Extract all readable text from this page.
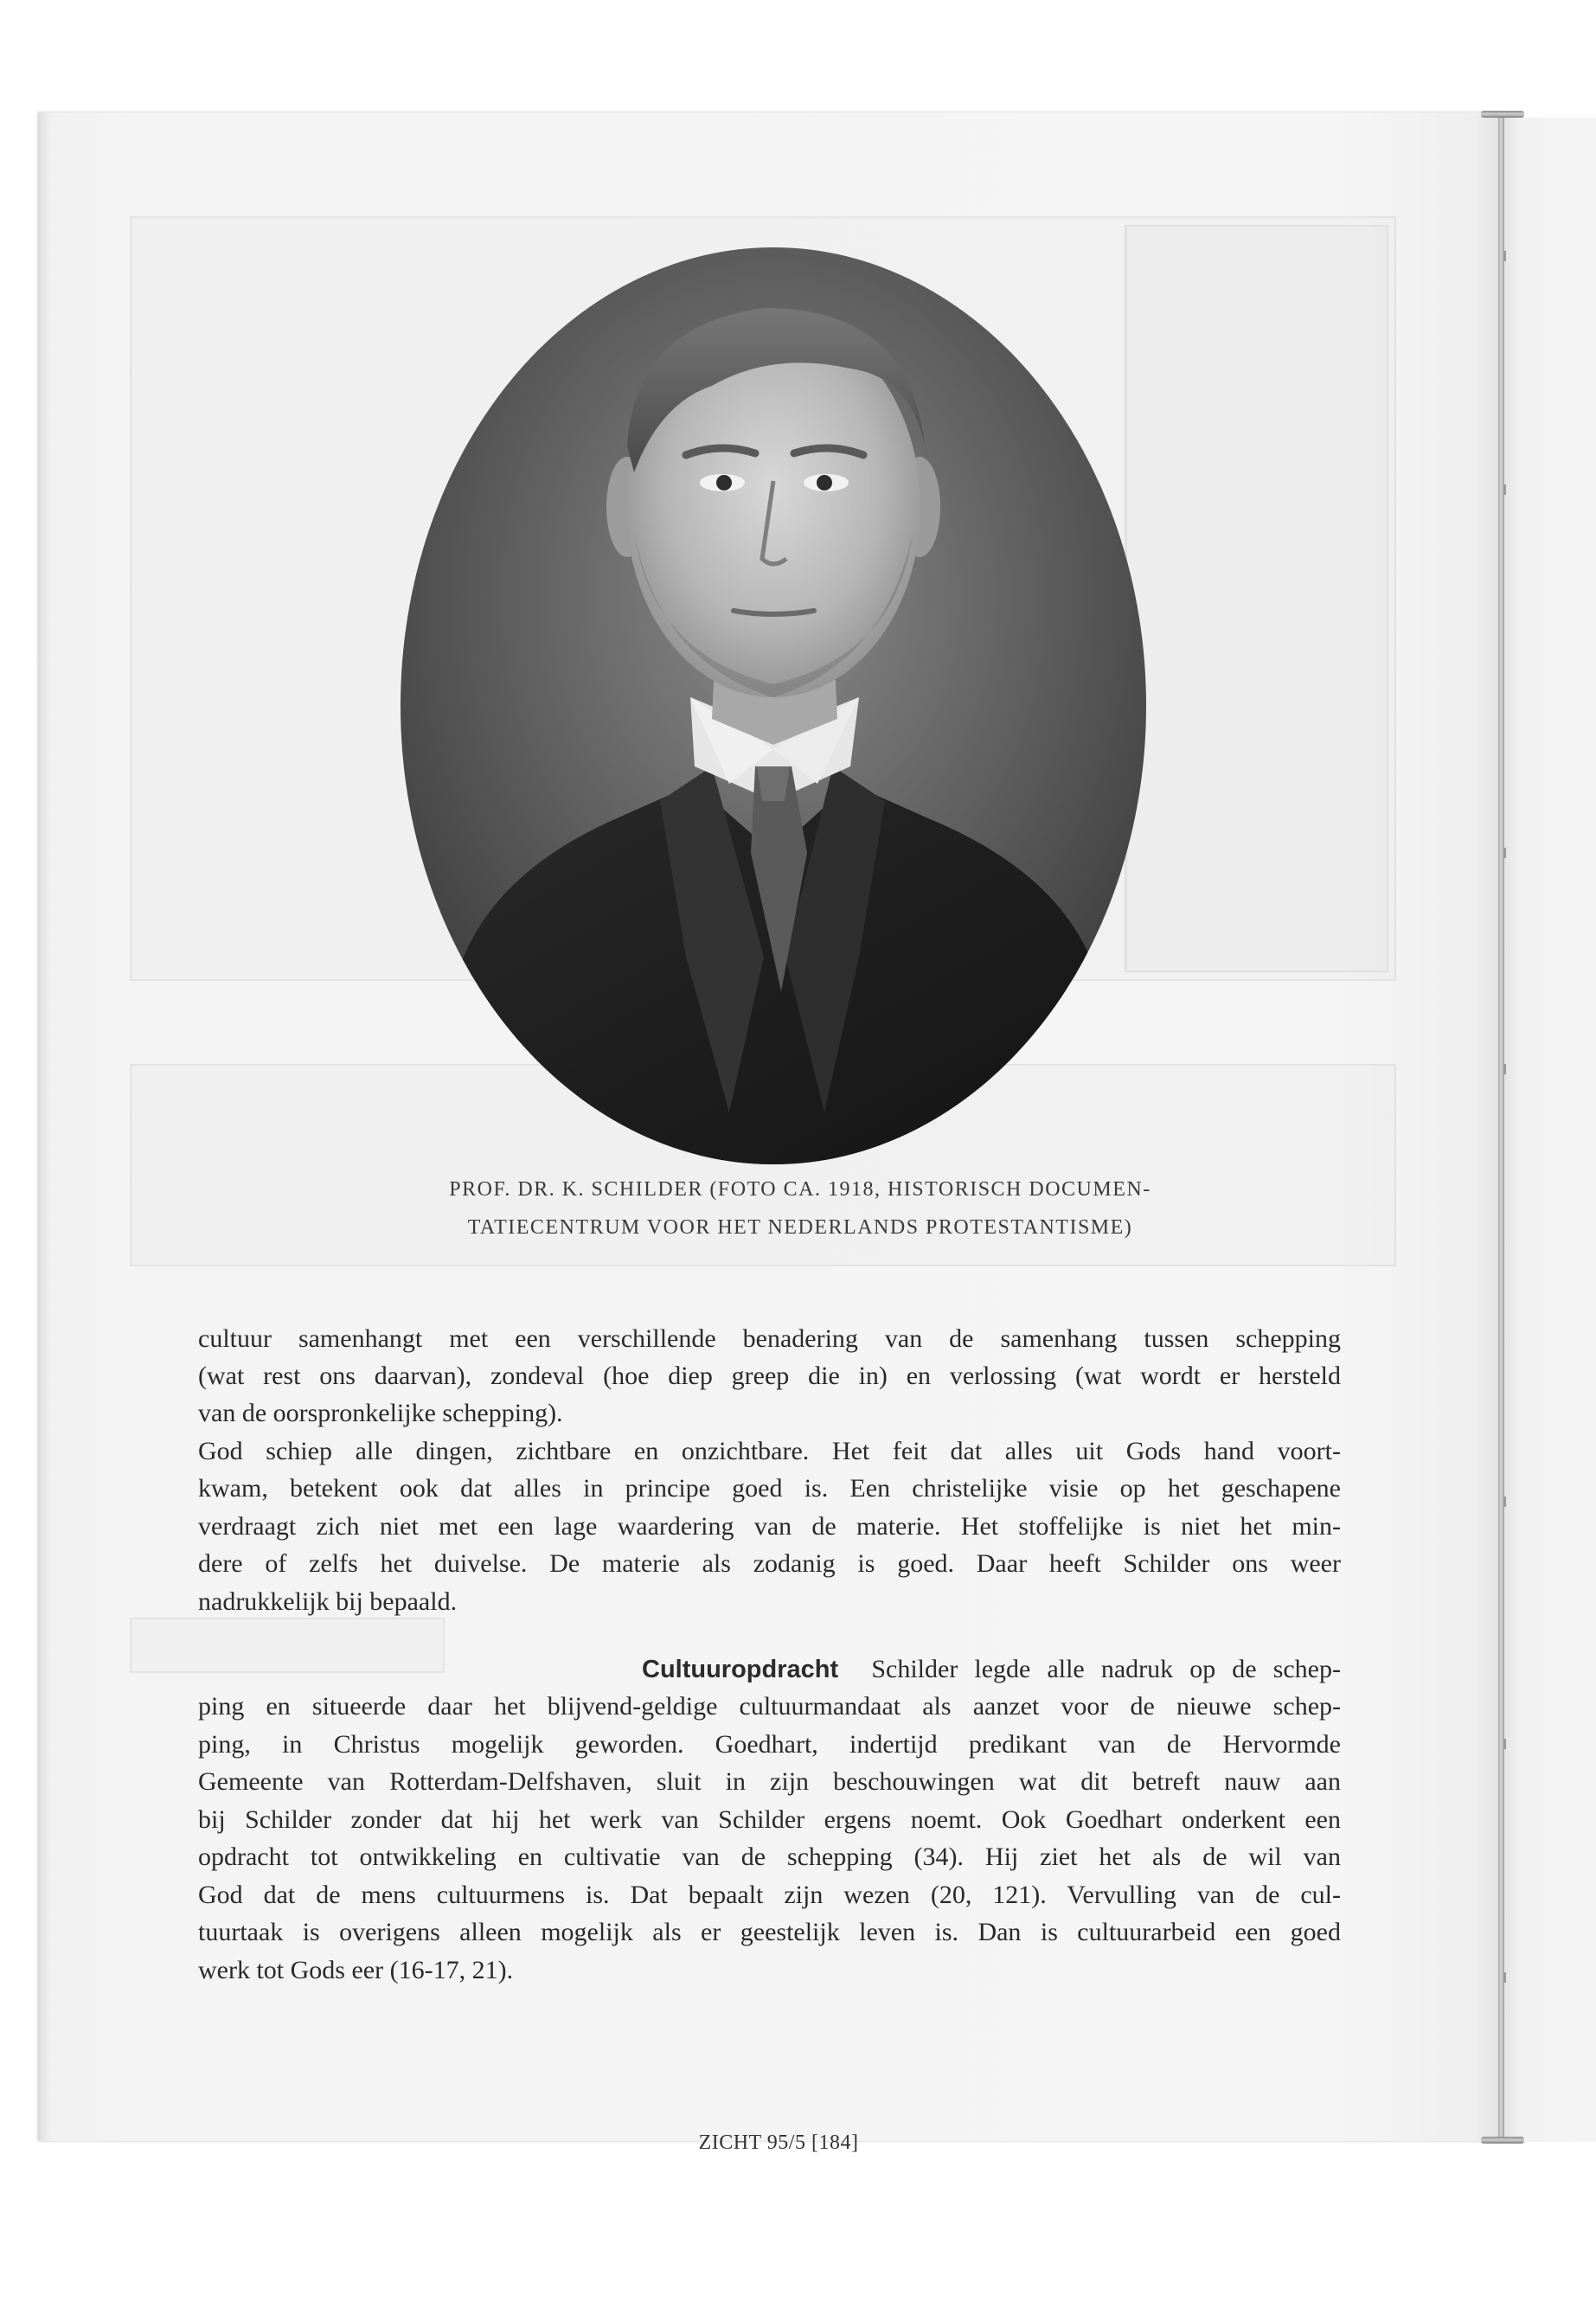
PROF. DR. K. SCHILDER (FOTO CA. 1918, HISTORISCH DOCUMEN-
TATIECENTRUM VOOR HET NEDERLANDS PROTESTANTISME)
cultuur samenhangt met een verschillende benadering van de samenhang tussen schepping
(wat rest ons daarvan), zondeval (hoe diep greep die in) en verlossing (wat wordt er hersteld
van de oorspronkelijke schepping).
God schiep alle dingen, zichtbare en onzichtbare. Het feit dat alles uit Gods hand voort-
kwam, betekent ook dat alles in principe goed is. Een christelijke visie op het geschapene
verdraagt zich niet met een lage waardering van de materie. Het stoffelijke is niet het min-
dere of zelfs het duivelse. De materie als zodanig is goed. Daar heeft Schilder ons weer
nadrukkelijk bij bepaald.
Cultuuropdracht Schilder legde alle nadruk op de schep-
ping en situeerde daar het blijvend-geldige cultuurmandaat als aanzet voor de nieuwe schep-
ping, in Christus mogelijk geworden. Goedhart, indertijd predikant van de Hervormde
Gemeente van Rotterdam-Delfshaven, sluit in zijn beschouwingen wat dit betreft nauw aan
bij Schilder zonder dat hij het werk van Schilder ergens noemt. Ook Goedhart onderkent een
opdracht tot ontwikkeling en cultivatie van de schepping (34). Hij ziet het als de wil van
God dat de mens cultuurmens is. Dat bepaalt zijn wezen (20, 121). Vervulling van de cul-
tuurtaak is overigens alleen mogelijk als er geestelijk leven is. Dan is cultuurarbeid een goed
werk tot Gods eer (16-17, 21).
ZICHT 95/5 [184]
